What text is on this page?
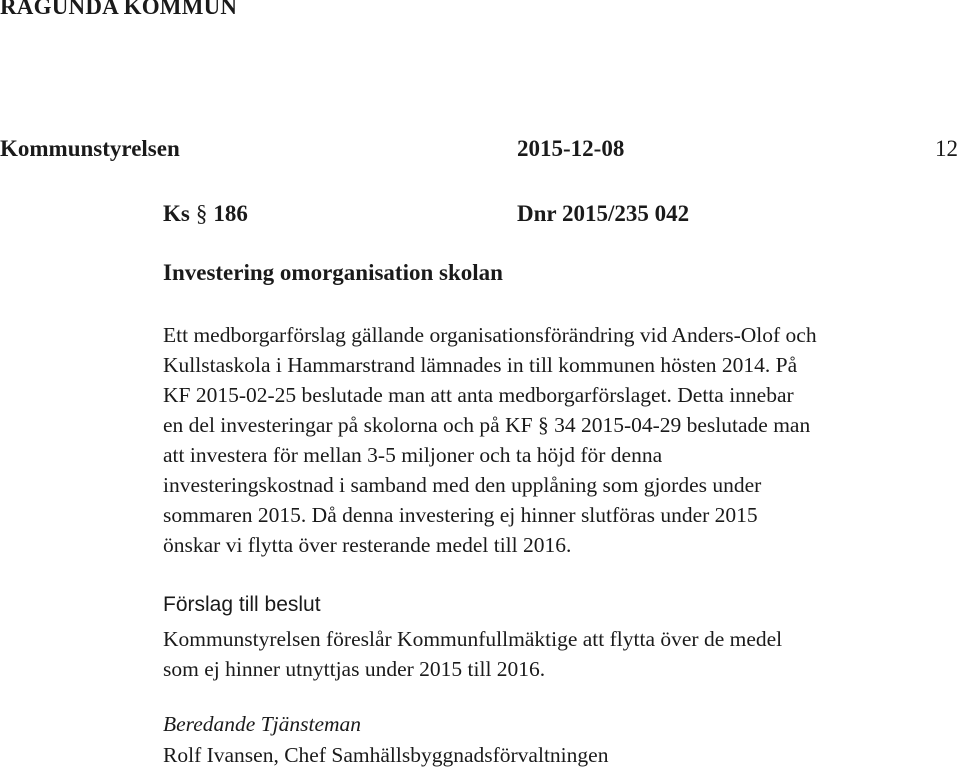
RAGUNDA KOMMUN
Kommunstyrelsen	2015-12-08	12
Ks § 186	Dnr 2015/235 042
Investering omorganisation skolan
Ett medborgarförslag gällande organisationsförändring vid Anders-Olof och
Kullstaskola i Hammarstrand lämnades in till kommunen hösten 2014. På
KF 2015-02-25 beslutade man att anta medborgarförslaget. Detta innebar
en del investeringar på skolorna och på KF § 34 2015-04-29 beslutade man
att investera för mellan 3-5 miljoner och ta höjd för denna
investeringskostnad i samband med den upplåning som gjordes under
sommaren 2015. Då denna investering ej hinner slutföras under 2015
önskar vi flytta över resterande medel till 2016.
Förslag till beslut
Kommunstyrelsen föreslår Kommunfullmäktige att flytta över de medel
som ej hinner utnyttjas under 2015 till 2016.
Beredande Tjänsteman
Rolf Ivansen, Chef Samhällsbyggnadsförvaltningen
